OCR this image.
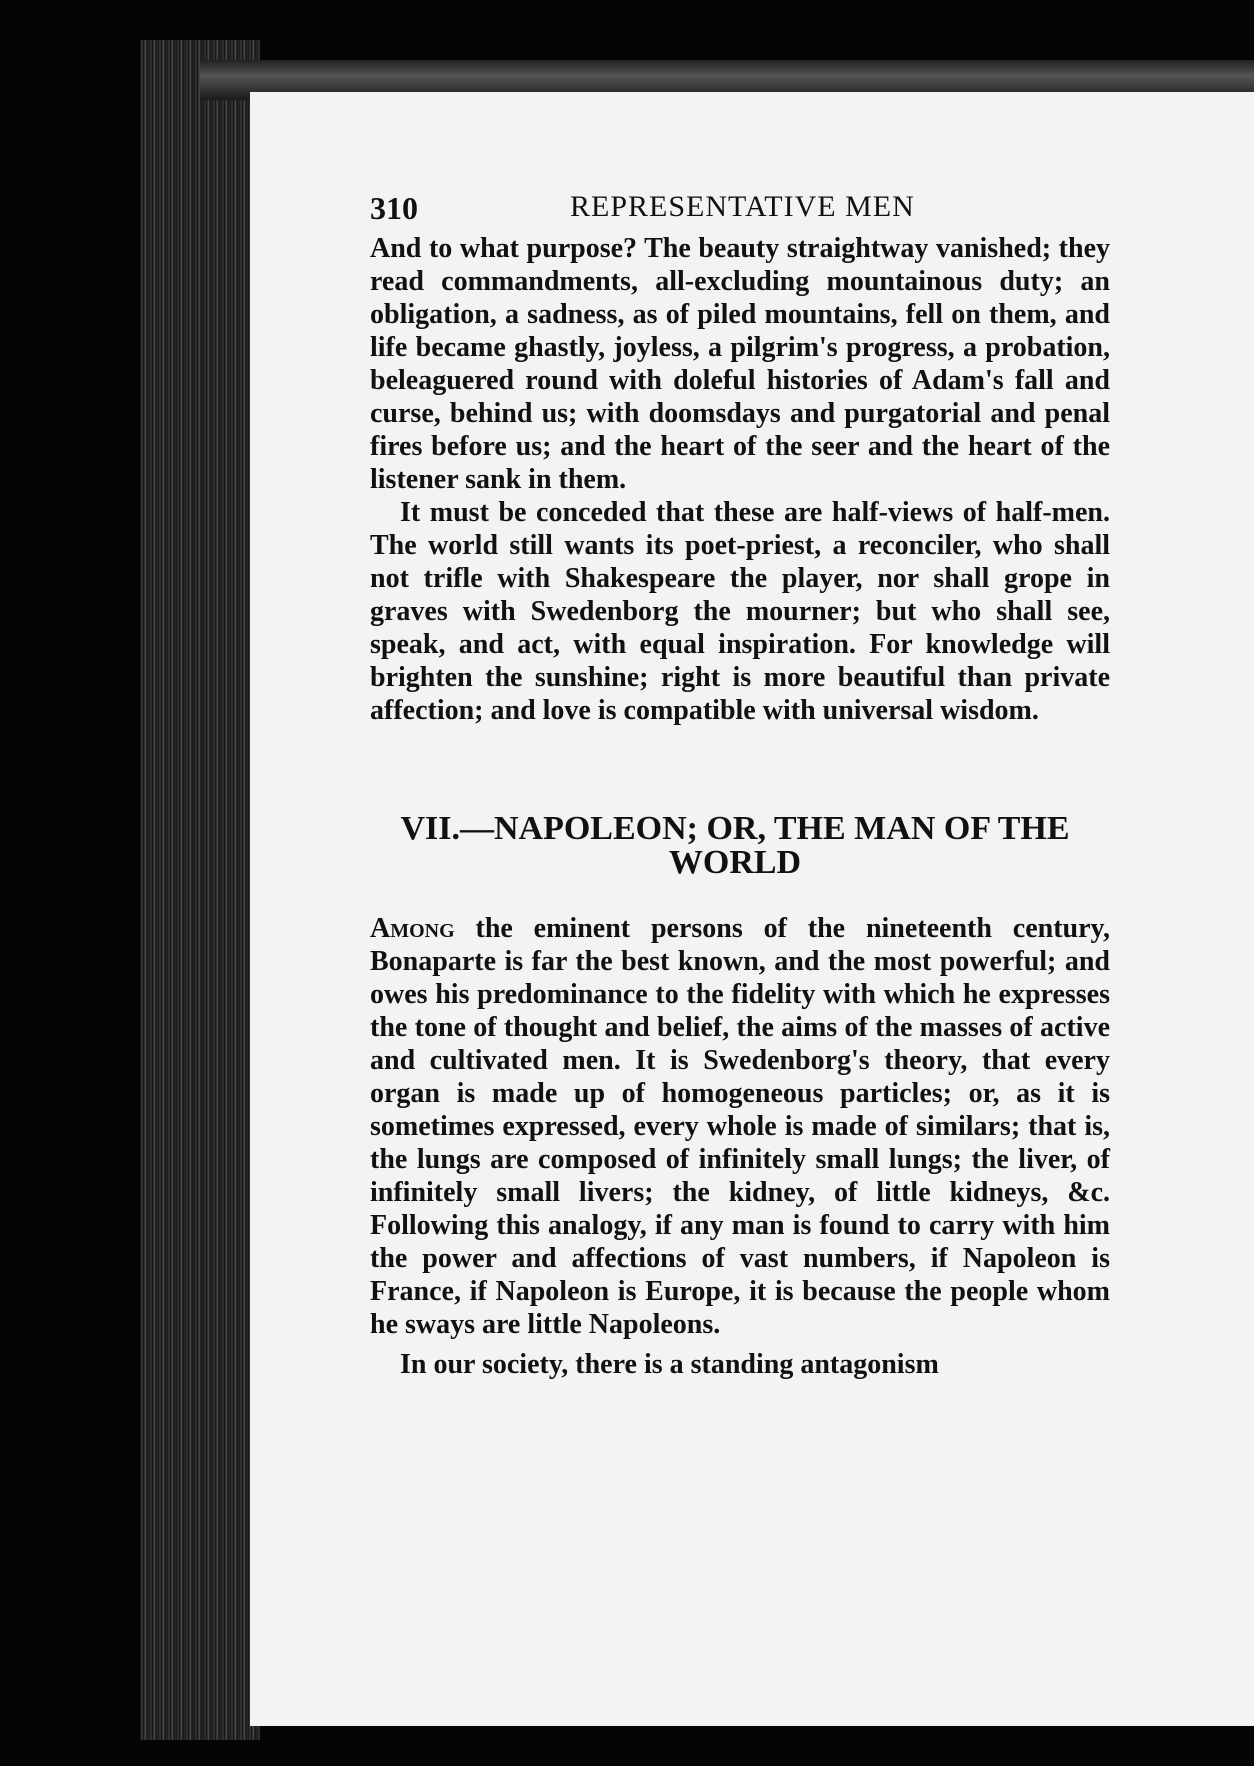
310	REPRESENTATIVE MEN

And to what purpose? The beauty straightway vanished; they read commandments, all-excluding mountainous duty; an obligation, a sadness, as of piled mountains, fell on them, and life became ghastly, joyless, a pilgrim's progress, a probation, beleaguered round with doleful histories of Adam's fall and curse, behind us; with doomsdays and purgatorial and penal fires before us; and the heart of the seer and the heart of the listener sank in them.

It must be conceded that these are half-views of half-men. The world still wants its poet-priest, a reconciler, who shall not trifle with Shakespeare the player, nor shall grope in graves with Swedenborg the mourner; but who shall see, speak, and act, with equal inspiration. For knowledge will brighten the sunshine; right is more beautiful than private affection; and love is compatible with universal wisdom.

VII.—NAPOLEON; OR, THE MAN OF THE WORLD

Among the eminent persons of the nineteenth century, Bonaparte is far the best known, and the most powerful; and owes his predominance to the fidelity with which he expresses the tone of thought and belief, the aims of the masses of active and cultivated men. It is Swedenborg's theory, that every organ is made up of homogeneous particles; or, as it is sometimes expressed, every whole is made of similars; that is, the lungs are composed of infinitely small lungs; the liver, of infinitely small livers; the kidney, of little kidneys, &c. Following this analogy, if any man is found to carry with him the power and affections of vast numbers, if Napoleon is France, if Napoleon is Europe, it is because the people whom he sways are little Napoleons.

In our society, there is a standing antagonism
